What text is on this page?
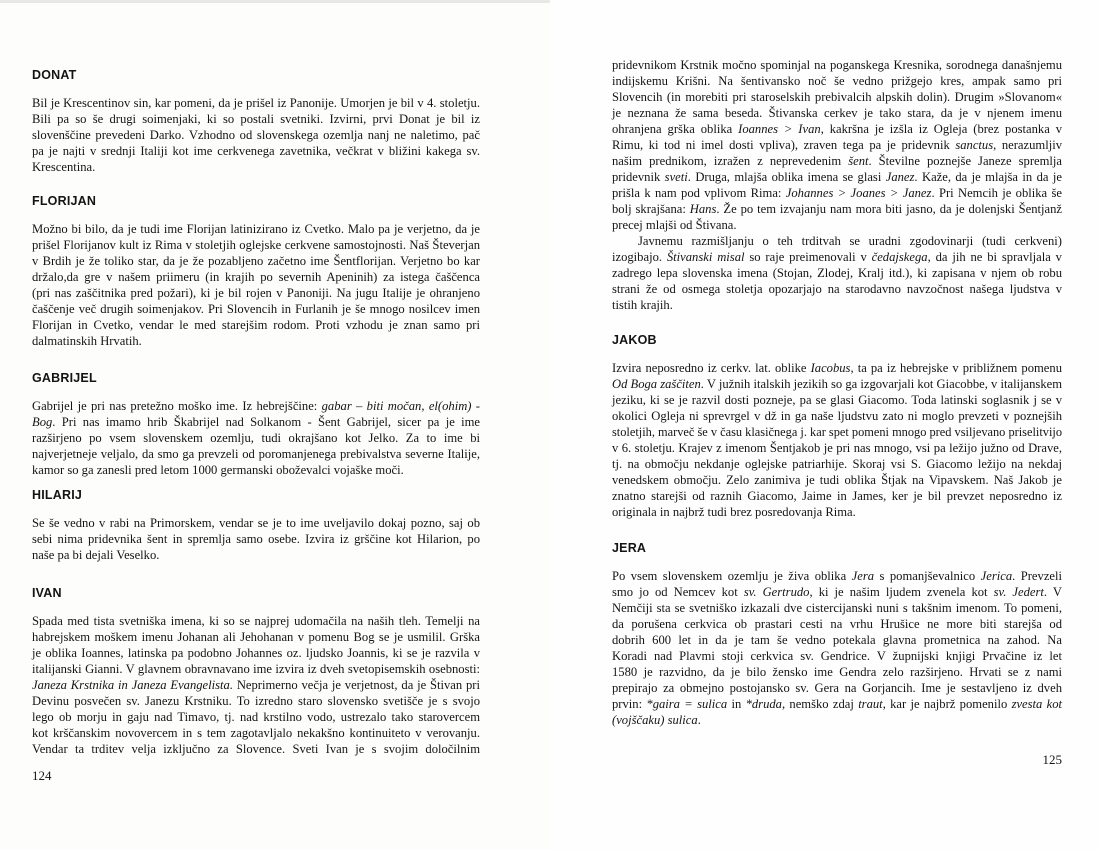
124
DONAT
Bil je Krescentinov sin, kar pomeni, da je prišel iz Panonije. Umorjen je bil v 4. stoletju.
Bili pa so še drugi soimenjaki, ki so postali svetniki. Izvirni, prvi Donat je bil iz
slovenščine prevedeni Darko. Vzhodno od slovenskega ozemlja nanj ne naletimo, pač
pa je najti v srednji Italiji kot ime cerkvenega zavetnika, večkrat v bližini kakega sv.
Krescentina.
FLORIJAN
Možno bi bilo, da je tudi ime Florijan latinizirano iz Cvetko. Malo pa je verjetno, da je
prišel Florijanov kult iz Rima v stoletjih oglejske cerkvene samostojnosti. Naš Števerjan
v Brdih je že toliko star, da je že pozabljeno začetno ime Šentflorijan. Verjetno bo kar
držalo,da gre v našem priimeru (in krajih po severnih Apeninih) za istega čaščenca
(pri nas zaščitnika pred požari), ki je bil rojen v Panoniji. Na jugu Italije je ohranjeno
čaščenje več drugih soimenjakov. Pri Slovencih in Furlanih je še mnogo nosilcev imen
Florijan in Cvetko, vendar le med starejšim rodom. Proti vzhodu je znan samo pri
dalmatinskih Hrvatih.
GABRIJEL
Gabrijel je pri nas pretežno moško ime. Iz hebrejščine: gabar – biti močan, el(ohim) -
Bog. Pri nas imamo hrib Škabrijel nad Solkanom - Šent Gabrijel, sicer pa je ime
razširjeno po vsem slovenskem ozemlju, tudi okrajšano kot Jelko. Za to ime bi
najverjetneje veljalo, da smo ga prevzeli od poromanjenega prebivalstva severne Italije,
kamor so ga zanesli pred letom 1000 germanski oboževalci vojaške moči.
HILARIJ
Se še vedno v rabi na Primorskem, vendar se je to ime uveljavilo dokaj pozno, saj ob
sebi nima pridevnika šent in spremlja samo osebe. Izvira iz grščine kot Hilarion, po
naše pa bi dejali Veselko.
IVAN
Spada med tista svetniška imena, ki so se najprej udomačila na naših tleh. Temelji na
habrejskem moškem imenu Johanan ali Jehohanan v pomenu Bog se je usmilil. Grška
je oblika Ioannes, latinska pa podobno Johannes oz. ljudsko Joannis, ki se je razvila v
italijanski Gianni. V glavnem obravnavano ime izvira iz dveh svetopisemskih osebnosti:
Janeza Krstnika in Janeza Evangelista. Neprimerno večja je verjetnost, da je Štivan pri
Devinu posvečen sv. Janezu Krstniku. To izredno staro slovensko svetišče je s svojo
lego ob morju in gaju nad Timavo, tj. nad krstilno vodo, ustrezalo tako starovercem
kot krščanskim novovercem in s tem zagotavljalo nekakšno kontinuiteto v verovanju.
Vendar ta trditev velja izključno za Slovence. Sveti Ivan je s svojim določilnim
125
pridevnikom Krstnik močno spominjal na poganskega Kresnika, sorodnega današnjemu
indijskemu Krišni. Na šentivansko noč še vedno prižgejo kres, ampak samo pri
Slovencih (in morebiti pri staroselskih prebivalcih alpskih dolin). Drugim »Slovanom«
je neznana že sama beseda. Štivanska cerkev je tako stara, da je v njenem imenu
ohranjena grška oblika Ioannes > Ivan, kakršna je izšla iz Ogleja (brez postanka v
Rimu, ki tod ni imel dosti vpliva), zraven tega pa je pridevnik sanctus, nerazumljiv
našim prednikom, izražen z neprevedenim šent. Številne poznejše Janeze spremlja
pridevnik sveti. Druga, mlajša oblika imena se glasi Janez. Kaže, da je mlajša in da je
prišla k nam pod vplivom Rima: Johannes > Joanes > Janez. Pri Nemcih je oblika še
bolj skrajšana: Hans. Že po tem izvajanju nam mora biti jasno, da je dolenjski Šentjanž
precej mlajši od Štivana.
Javnemu razmišljanju o teh trditvah se uradni zgodovinarji (tudi cerkveni)
izogibajo. Štivanski misal so raje preimenovali v čedajskega, da jih ne bi spravljala v
zadrego lepa slovenska imena (Stojan, Zlodej, Kralj itd.), ki zapisana v njem ob robu
strani že od osmega stoletja opozarjajo na starodavno navzočnost našega ljudstva v
tistih krajih.
JAKOB
Izvira neposredno iz cerkv. lat. oblike Iacobus, ta pa iz hebrejske v približnem pomenu
Od Boga zaščiten. V južnih italskih jezikih so ga izgovarjali kot Giacobbe, v italijanskem
jeziku, ki se je razvil dosti pozneje, pa se glasi Giacomo. Toda latinski soglasnik j se v
okolici Ogleja ni sprevrgel v dž in ga naše ljudstvu zato ni moglo prevzeti v poznejših
stoletjih, marveč še v času klasičnega j. kar spet pomeni mnogo pred vsiljevano priselitvijo
v 6. stoletju. Krajev z imenom Šentjakob je pri nas mnogo, vsi pa ležijo južno od Drave,
tj. na območju nekdanje oglejske patriarhije. Skoraj vsi S. Giacomo ležijo na nekdaj
venedskem območju. Zelo zanimiva je tudi oblika Štjak na Vipavskem. Naš Jakob je
znatno starejši od raznih Giacomo, Jaime in James, ker je bil prevzet neposredno iz
originala in najbrž tudi brez posredovanja Rima.
JERA
Po vsem slovenskem ozemlju je živa oblika Jera s pomanjševalnico Jerica. Prevzeli
smo jo od Nemcev kot sv. Gertrudo, ki je našim ljudem zvenela kot sv. Jedert. V
Nemčiji sta se svetniško izkazali dve cistercijanski nuni s takšnim imenom. To pomeni,
da porušena cerkvica ob prastari cesti na vrhu Hrušice ne more biti starejša od
dobrih 600 let in da je tam še vedno potekala glavna prometnica na zahod. Na
Koradi nad Plavmi stoji cerkvica sv. Gendrice. V župnijski knjigi Prvačine iz let
1580 je razvidno, da je bilo žensko ime Gendra zelo razširjeno. Hrvati se z nami
prepirajo za obmejno postojansko sv. Gera na Gorjancih. Ime je sestavljeno iz dveh
prvin: *gaira = sulica in *druda, nemško zdaj traut, kar je najbrž pomenilo zvesta kot
(vojščaku) sulica.
